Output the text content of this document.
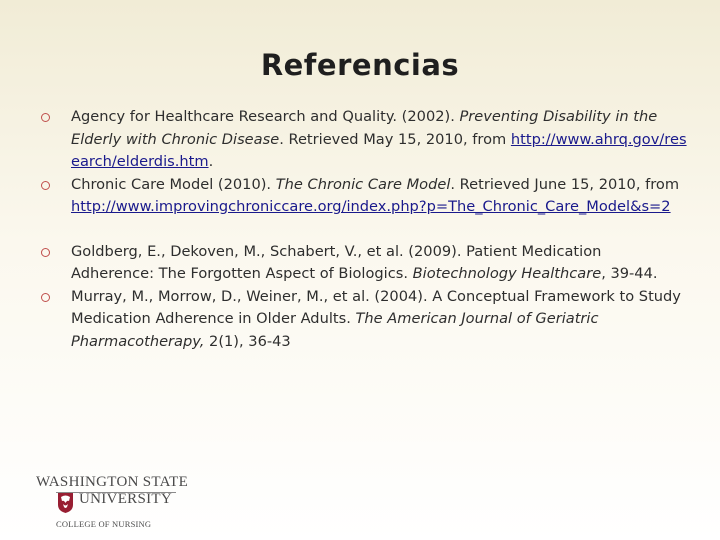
Referencias
Agency for Healthcare Research and Quality. (2002). Preventing Disability in the Elderly with Chronic Disease. Retrieved May 15, 2010, from http://www.ahrq.gov/research/elderdis.htm.
Chronic Care Model (2010). The Chronic Care Model. Retrieved June 15, 2010, from http://www.improvingchroniccare.org/index.php?p=The_Chronic_Care_Model&s=2
Goldberg, E., Dekoven, M., Schabert, V., et al. (2009). Patient Medication Adherence: The Forgotten Aspect of Biologics. Biotechnology Healthcare, 39-44.
Murray, M., Morrow, D., Weiner, M., et al. (2004). A Conceptual Framework to Study Medication Adherence in Older Adults. The American Journal of Geriatric Pharmacotherapy, 2(1), 36-43
WASHINGTON STATE
UNIVERSITY
COLLEGE OF NURSING
